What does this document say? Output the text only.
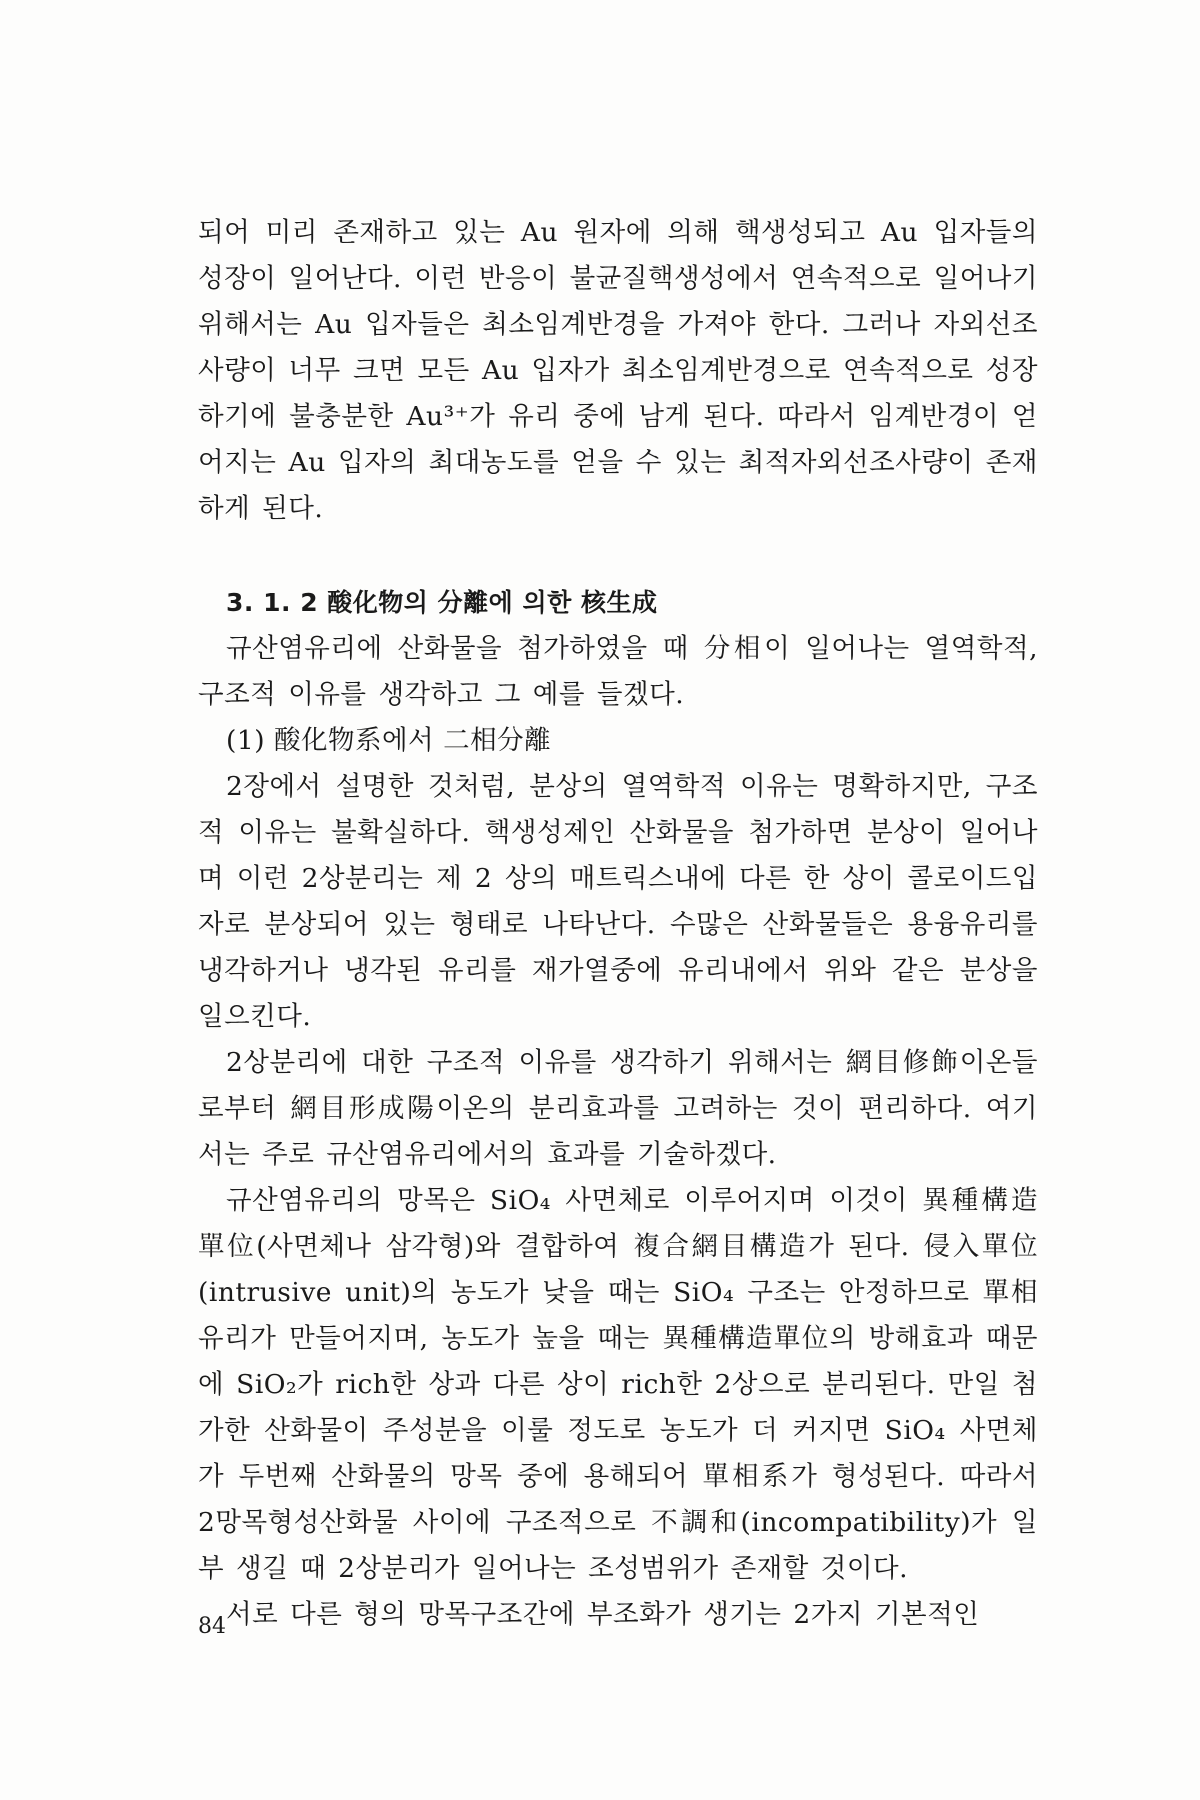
되어 미리 존재하고 있는 Au 원자에 의해 핵생성되고 Au 입자들의 성장이 일어난다. 이런 반응이 불균질핵생성에서 연속적으로 일어나기 위해서는 Au 입자들은 최소임계반경을 가져야 한다. 그러나 자외선조사량이 너무 크면 모든 Au 입자가 최소임계반경으로 연속적으로 성장하기에 불충분한 Au³⁺가 유리 중에 남게 된다. 따라서 임계반경이 얻어지는 Au 입자의 최대농도를 얻을 수 있는 최적자외선조사량이 존재하게 된다.

3. 1. 2 酸化物의 分離에 의한 核生成

규산염유리에 산화물을 첨가하였을 때 分相이 일어나는 열역학적, 구조적 이유를 생각하고 그 예를 들겠다.

(1) 酸化物系에서 二相分離

2장에서 설명한 것처럼, 분상의 열역학적 이유는 명확하지만, 구조적 이유는 불확실하다. 핵생성제인 산화물을 첨가하면 분상이 일어나며 이런 2상분리는 제 2 상의 매트릭스내에 다른 한 상이 콜로이드입자로 분상되어 있는 형태로 나타난다. 수많은 산화물들은 용융유리를 냉각하거나 냉각된 유리를 재가열중에 유리내에서 위와 같은 분상을 일으킨다.

2상분리에 대한 구조적 이유를 생각하기 위해서는 網目修飾이온들로부터 網目形成陽이온의 분리효과를 고려하는 것이 편리하다. 여기서는 주로 규산염유리에서의 효과를 기술하겠다.

규산염유리의 망목은 SiO₄ 사면체로 이루어지며 이것이 異種構造單位(사면체나 삼각형)와 결합하여 複合網目構造가 된다. 侵入單位(intrusive unit)의 농도가 낮을 때는 SiO₄ 구조는 안정하므로 單相유리가 만들어지며, 농도가 높을 때는 異種構造單位의 방해효과 때문에 SiO₂가 rich한 상과 다른 상이 rich한 2상으로 분리된다. 만일 첨가한 산화물이 주성분을 이룰 정도로 농도가 더 커지면 SiO₄ 사면체가 두번째 산화물의 망목 중에 용해되어 單相系가 형성된다. 따라서 2망목형성산화물 사이에 구조적으로 不調和(incompatibility)가 일부 생길 때 2상분리가 일어나는 조성범위가 존재할 것이다.

서로 다른 형의 망목구조간에 부조화가 생기는 2가지 기본적인

84
